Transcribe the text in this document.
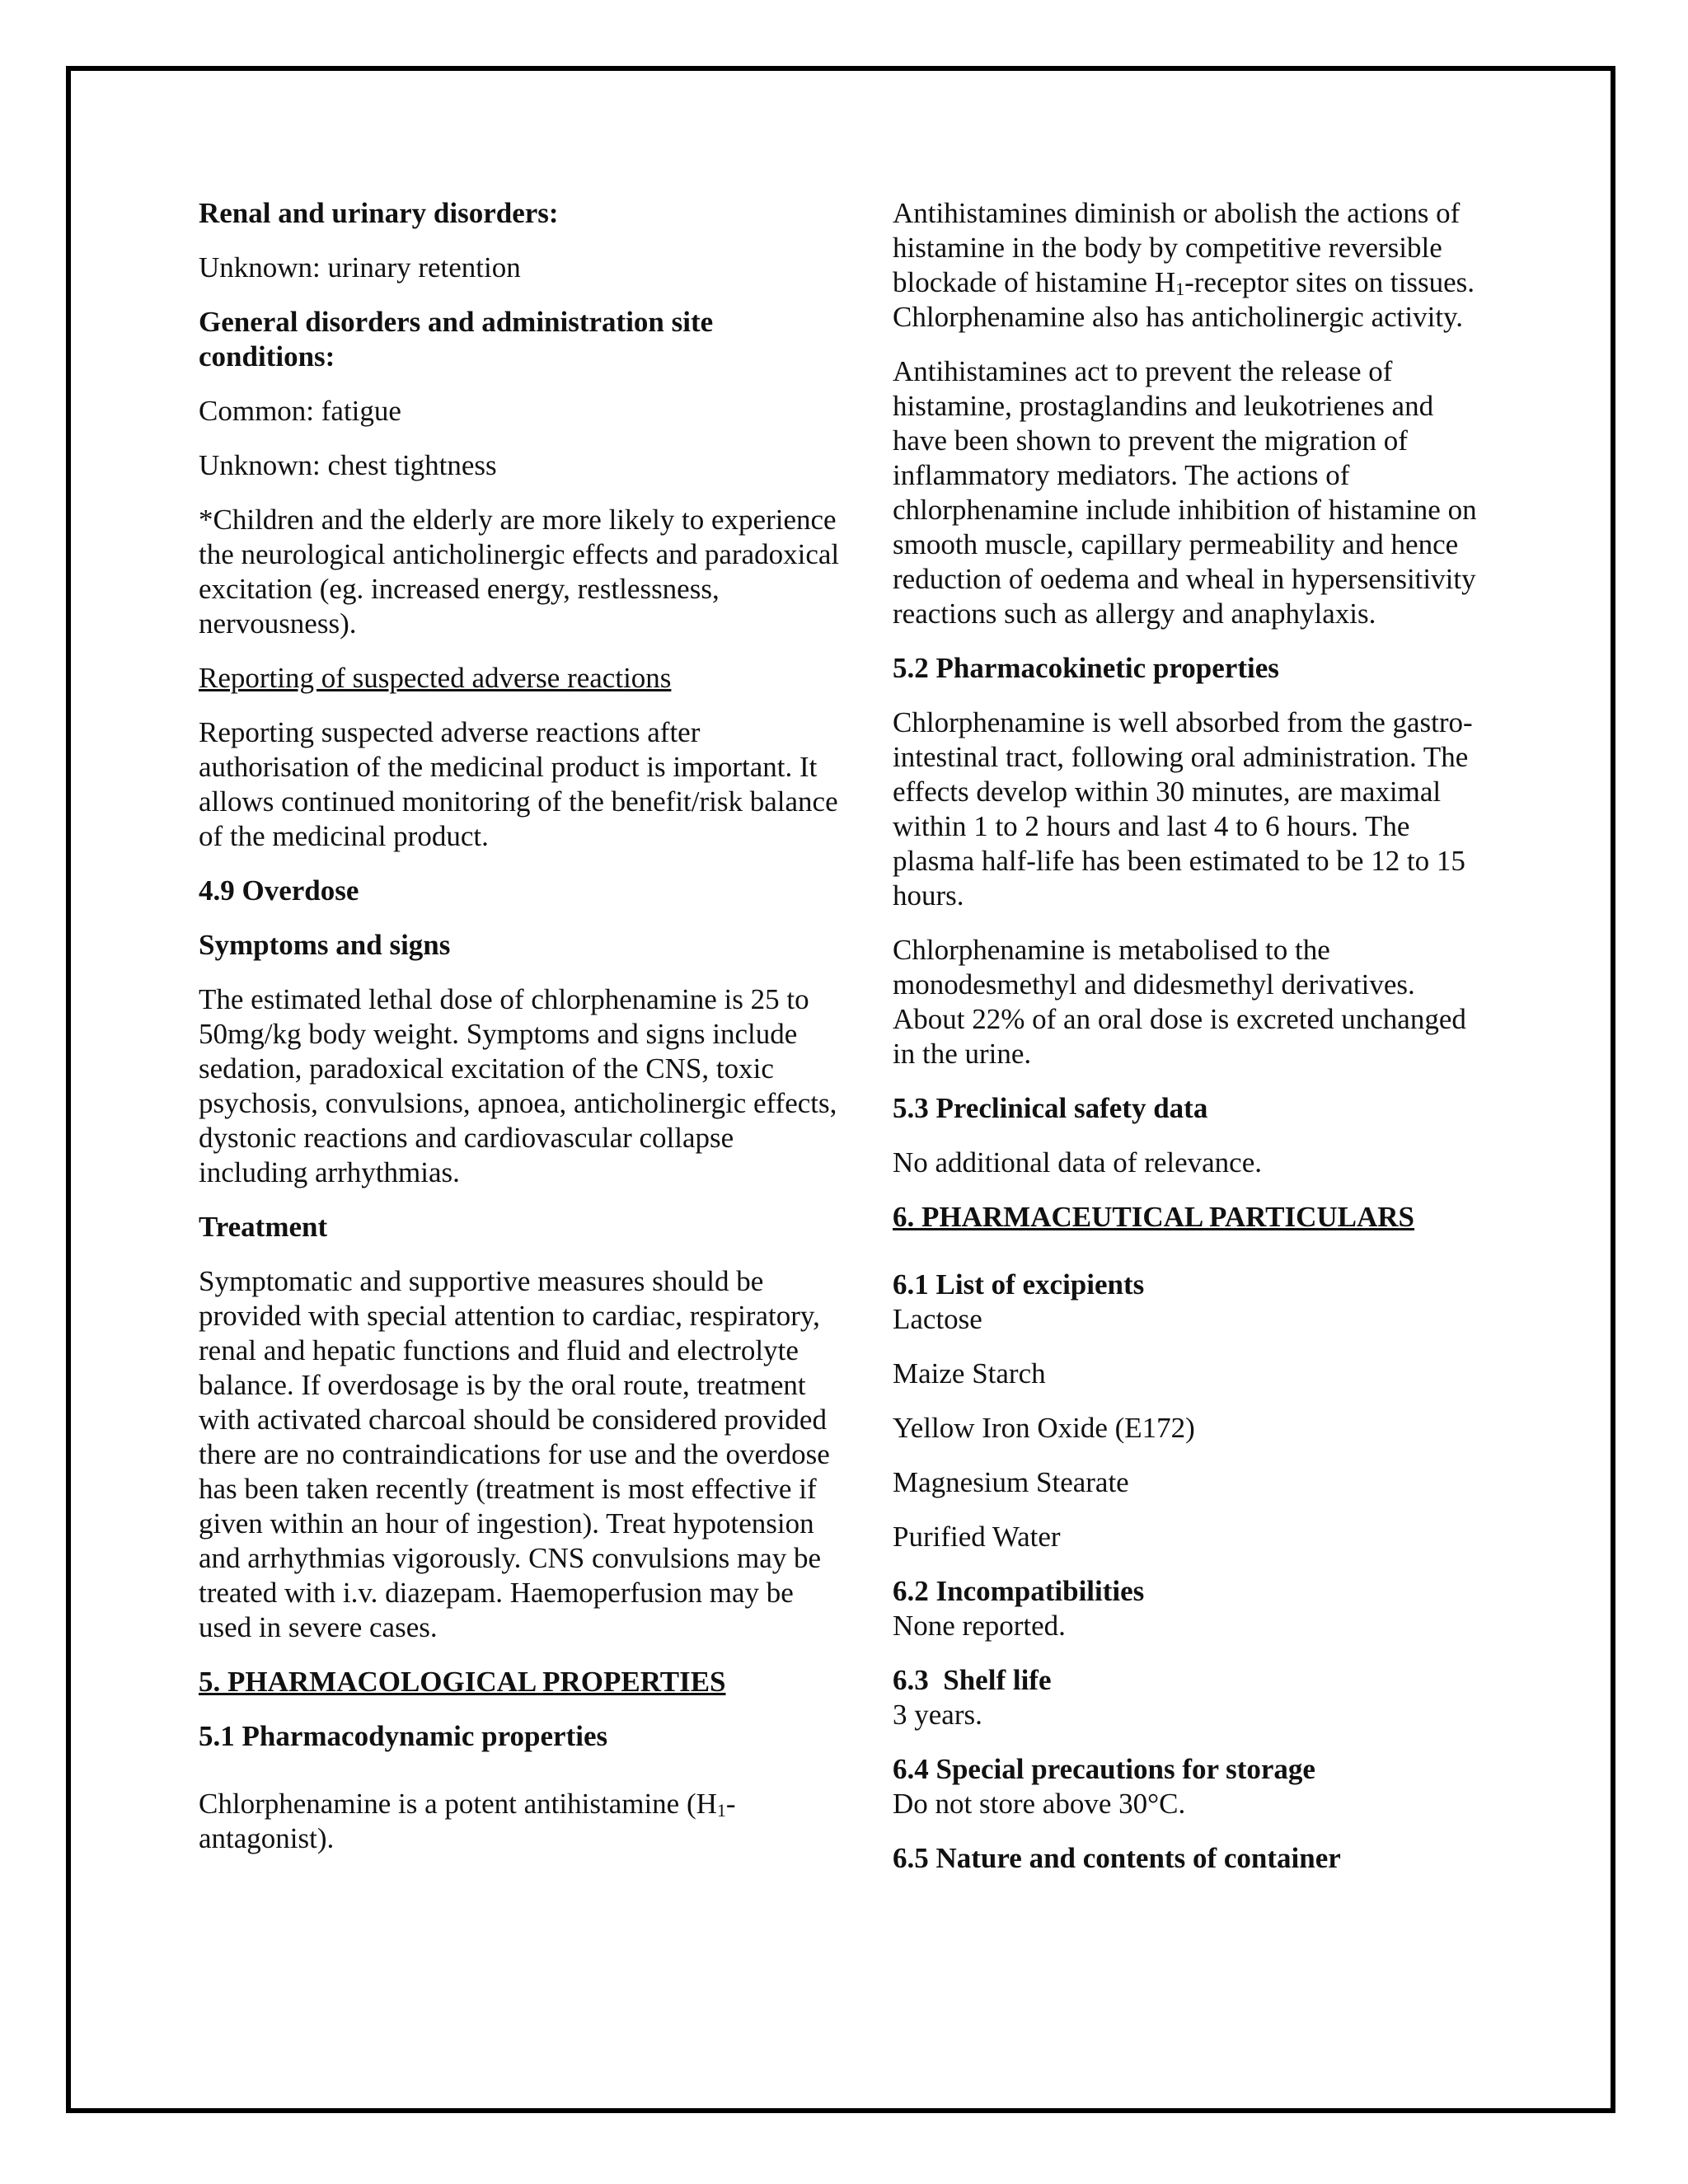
Renal and urinary disorders:

Unknown: urinary retention

General disorders and administration site conditions:

Common: fatigue

Unknown: chest tightness

*Children and the elderly are more likely to experience the neurological anticholinergic effects and paradoxical excitation (eg. increased energy, restlessness, nervousness).

Reporting of suspected adverse reactions

Reporting suspected adverse reactions after authorisation of the medicinal product is important. It allows continued monitoring of the benefit/risk balance of the medicinal product.

4.9 Overdose

Symptoms and signs

The estimated lethal dose of chlorphenamine is 25 to 50mg/kg body weight. Symptoms and signs include sedation, paradoxical excitation of the CNS, toxic psychosis, convulsions, apnoea, anticholinergic effects, dystonic reactions and cardiovascular collapse including arrhythmias.

Treatment

Symptomatic and supportive measures should be provided with special attention to cardiac, respiratory, renal and hepatic functions and fluid and electrolyte balance. If overdosage is by the oral route, treatment with activated charcoal should be considered provided there are no contraindications for use and the overdose has been taken recently (treatment is most effective if given within an hour of ingestion). Treat hypotension and arrhythmias vigorously. CNS convulsions may be treated with i.v. diazepam. Haemoperfusion may be used in severe cases.

5. PHARMACOLOGICAL PROPERTIES

5.1 Pharmacodynamic properties

Chlorphenamine is a potent antihistamine $(H_1-antagonist)$.

Antihistamines diminish or abolish the actions of histamine in the body by competitive reversible blockade of histamine $H_1$-receptor sites on tissues. Chlorphenamine also has anticholinergic activity.

Antihistamines act to prevent the release of histamine, prostaglandins and leukotrienes and have been shown to prevent the migration of inflammatory mediators. The actions of chlorphenamine include inhibition of histamine on smooth muscle, capillary permeability and hence reduction of oedema and wheal in hypersensitivity reactions such as allergy and anaphylaxis.

5.2 Pharmacokinetic properties

Chlorphenamine is well absorbed from the gastro-intestinal tract, following oral administration. The effects develop within 30 minutes, are maximal within 1 to 2 hours and last 4 to 6 hours. The plasma half-life has been estimated to be 12 to 15 hours.

Chlorphenamine is metabolised to the monodesmethyl and didesmethyl derivatives. About 22% of an oral dose is excreted unchanged in the urine.

5.3 Preclinical safety data

No additional data of relevance.

6. PHARMACEUTICAL PARTICULARS

6.1 List of excipients

Lactose

Maize Starch

Yellow Iron Oxide (E172)

Magnesium Stearate

Purified Water

6.2 Incompatibilities

None reported.

6.3  Shelf life

3 years.

6.4 Special precautions for storage

Do not store above 30°C.

6.5 Nature and contents of container
